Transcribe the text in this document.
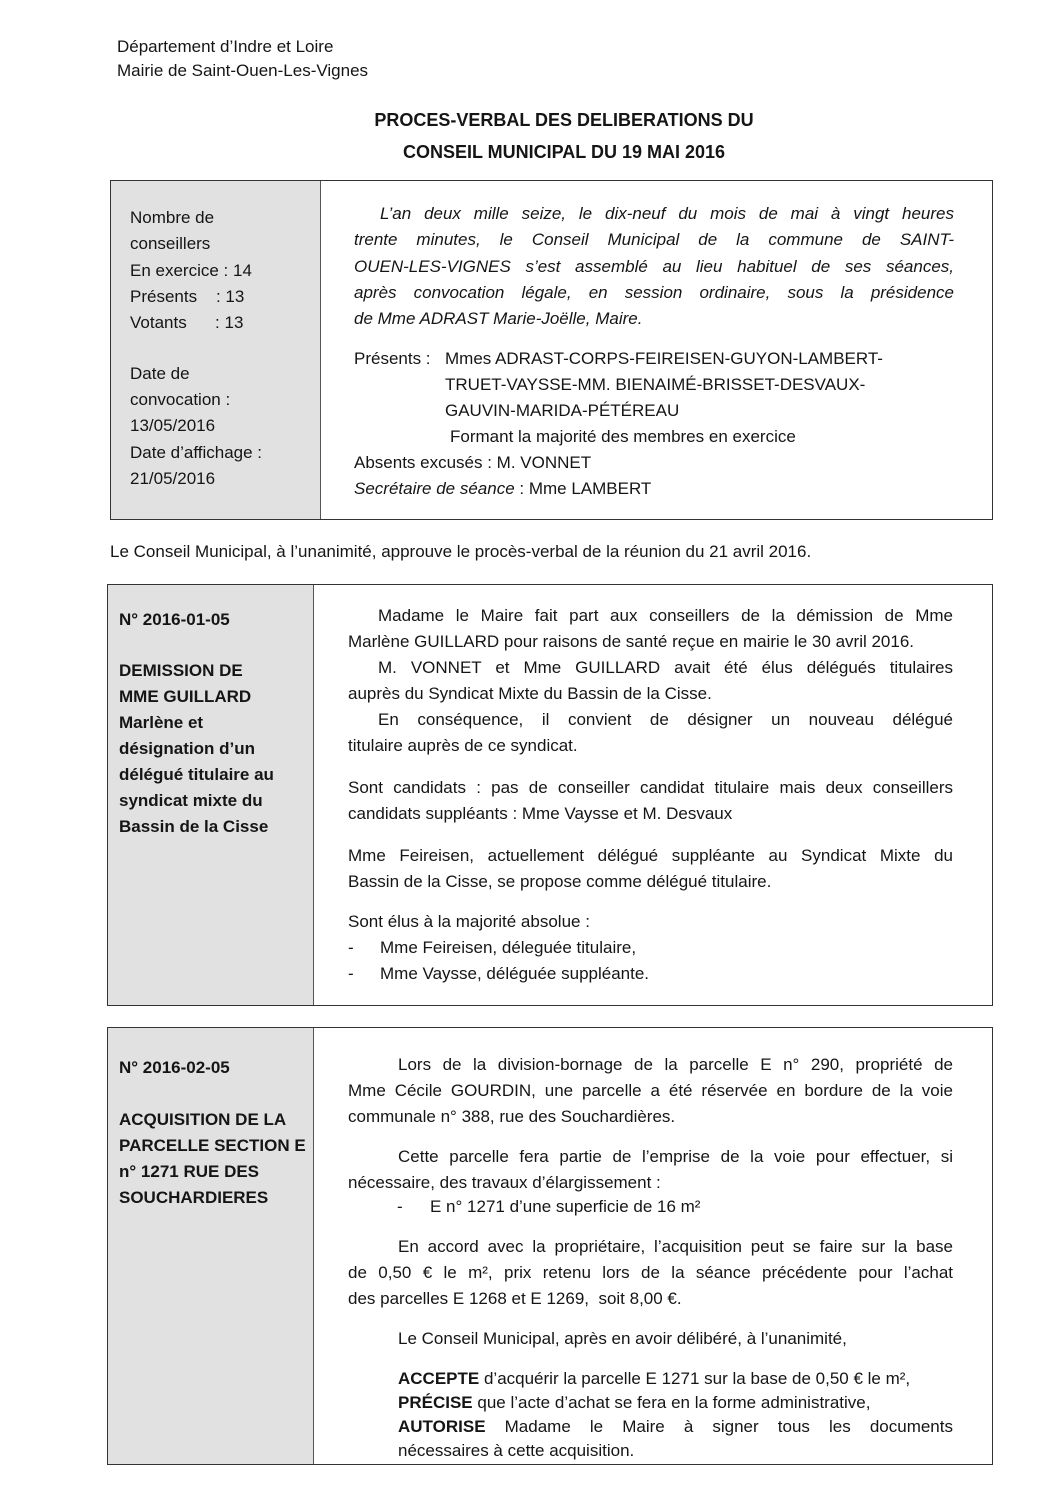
Département d’Indre et Loire
Mairie de Saint-Ouen-Les-Vignes
PROCES-VERBAL DES DELIBERATIONS DU
CONSEIL MUNICIPAL DU 19 MAI 2016
Nombre de
conseillers
En exercice : 14
Présents    : 13
Votants      : 13
Date de
convocation :
13/05/2016
Date d’affichage :
21/05/2016
L’an deux mille seize, le dix-neuf du mois de mai à vingt heures
trente minutes, le Conseil Municipal de la commune de SAINT-
OUEN-LES-VIGNES s’est assemblé au lieu habituel de ses séances,
après convocation légale, en session ordinaire, sous la présidence
de Mme ADRAST Marie-Joëlle, Maire.
Présents : Mmes ADRAST-CORPS-FEIREISEN-GUYON-LAMBERT-
TRUET-VAYSSE-MM. BIENAIMÉ-BRISSET-DESVAUX-
GAUVIN-MARIDA-PÉTÉREAU
Formant la majorité des membres en exercice
Absents excusés : M. VONNET
Secrétaire de séance : Mme LAMBERT
Le Conseil Municipal, à l’unanimité, approuve le procès-verbal de la réunion du 21 avril 2016.
N° 2016-01-05
DEMISSION DE
MME GUILLARD
Marlène et
désignation d’un
délégué titulaire au
syndicat mixte du
Bassin de la Cisse
Madame le Maire fait part aux conseillers de la démission de Mme
Marlène GUILLARD pour raisons de santé reçue en mairie le 30 avril 2016.
M. VONNET et Mme GUILLARD avait été élus délégués titulaires
auprès du Syndicat Mixte du Bassin de la Cisse.
En conséquence, il convient de désigner un nouveau délégué
titulaire auprès de ce syndicat.
Sont candidats : pas de conseiller candidat titulaire mais deux conseillers
candidats suppléants : Mme Vaysse et M. Desvaux
Mme Feireisen, actuellement délégué suppléante au Syndicat Mixte du
Bassin de la Cisse, se propose comme délégué titulaire.
Sont élus à la majorité absolue :
- Mme Feireisen, déleguée titulaire,
- Mme Vaysse, déléguée suppléante.
N° 2016-02-05
ACQUISITION DE LA
PARCELLE SECTION E
n° 1271 RUE DES
SOUCHARDIERES
Lors de la division-bornage de la parcelle E n° 290, propriété de
Mme Cécile GOURDIN, une parcelle a été réservée en bordure de la voie
communale n° 388, rue des Souchardières.
Cette parcelle fera partie de l’emprise de la voie pour effectuer, si
nécessaire, des travaux d’élargissement :
- E n° 1271 d’une superficie de 16 m²
En accord avec la propriétaire, l’acquisition peut se faire sur la base
de 0,50 € le m², prix retenu lors de la séance précédente pour l’achat
des parcelles E 1268 et E 1269,  soit 8,00 €.
Le Conseil Municipal, après en avoir délibéré, à l’unanimité,
ACCEPTE d’acquérir la parcelle E 1271 sur la base de 0,50 € le m²,
PRÉCISE que l’acte d’achat se fera en la forme administrative,
AUTORISE Madame le Maire à signer tous les documents
nécessaires à cette acquisition.
